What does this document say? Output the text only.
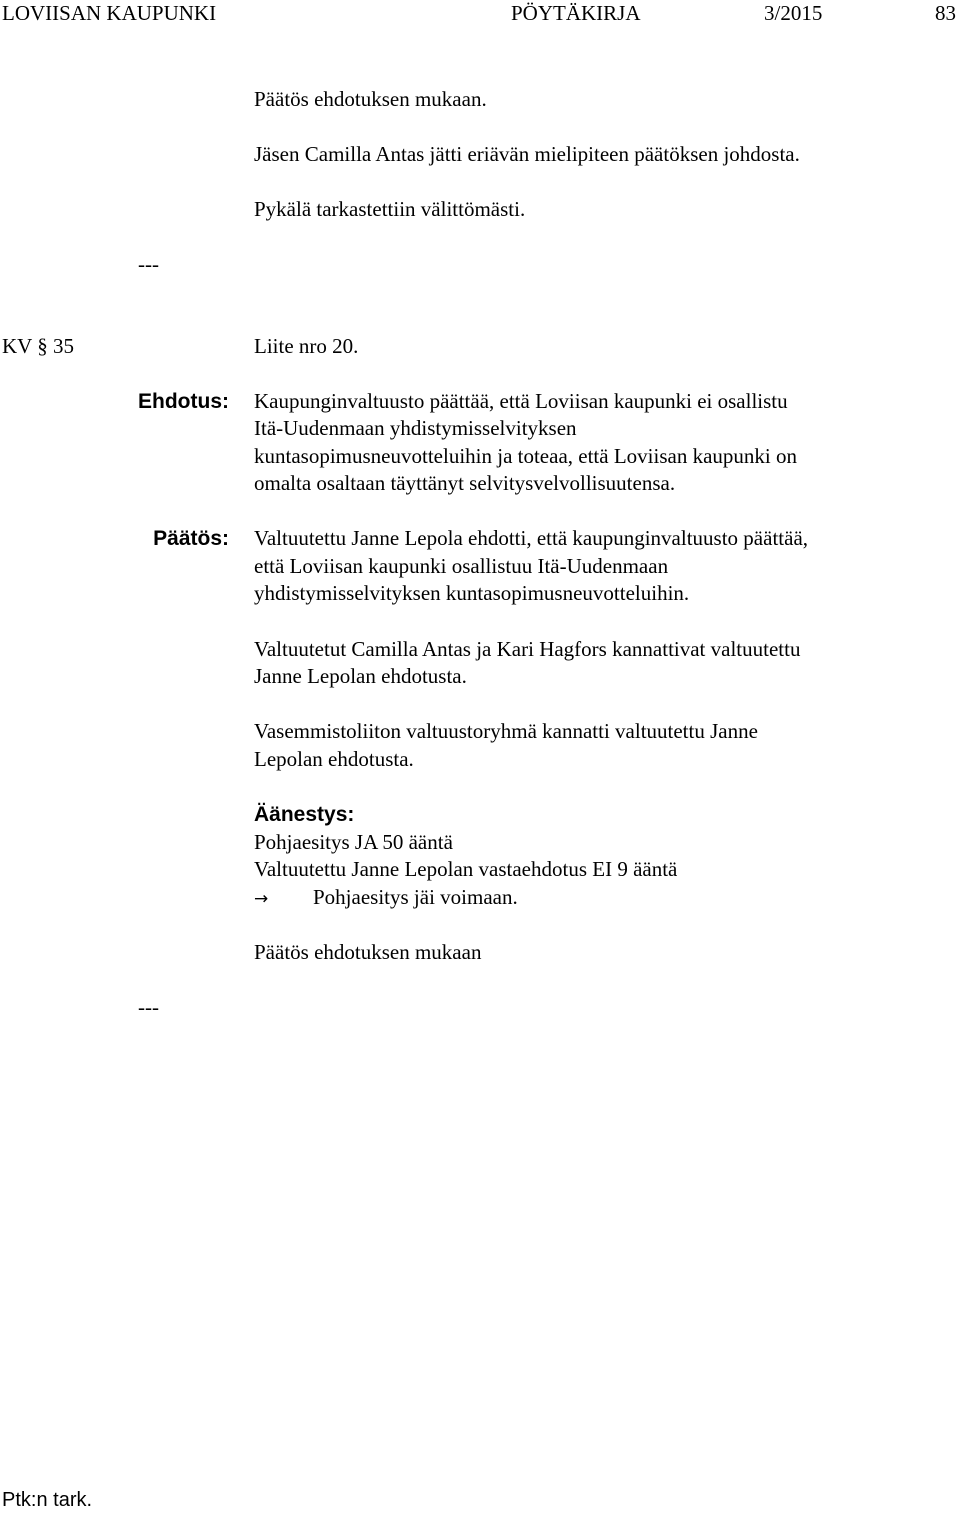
LOVIISAN KAUPUNKI	PÖYTÄKIRJA	3/2015	83
Päätös ehdotuksen mukaan.
Jäsen Camilla Antas jätti eriävän mielipiteen päätöksen johdosta.
Pykälä tarkastettiin välittömästi.
---
KV § 35	Liite nro 20.
Ehdotus: Kaupunginvaltuusto päättää, että Loviisan kaupunki ei osallistu
Itä-Uudenmaan yhdistymisselvityksen
kuntasopimusneuvotteluihin ja toteaa, että Loviisan kaupunki on
omalta osaltaan täyttänyt selvitysvelvollisuutensa.
Päätös: Valtuutettu Janne Lepola ehdotti, että kaupunginvaltuusto päättää,
että Loviisan kaupunki osallistuu Itä-Uudenmaan
yhdistymisselvityksen kuntasopimusneuvotteluihin.
Valtuutetut Camilla Antas ja Kari Hagfors kannattivat valtuutettu
Janne Lepolan ehdotusta.
Vasemmistoliiton valtuustoryhmä kannatti valtuutettu Janne
Lepolan ehdotusta.
Äänestys:
Pohjaesitys JA 50 ääntä
Valtuutettu Janne Lepolan vastaehdotus EI 9 ääntä
→ Pohjaesitys jäi voimaan.
Päätös ehdotuksen mukaan
---
Ptk:n tark.
